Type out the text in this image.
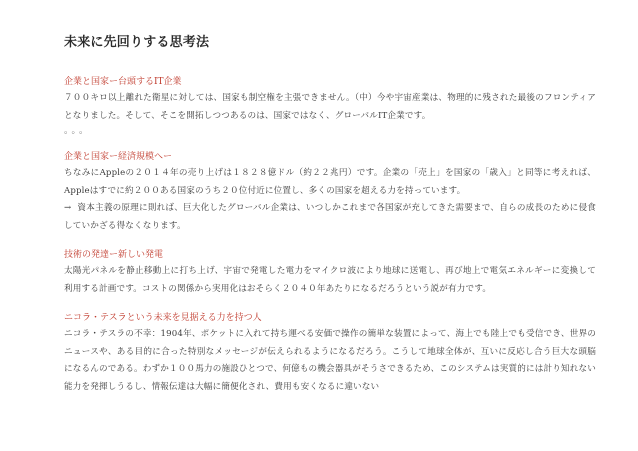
未来に先回りする思考法

企業と国家ー台頭するIT企業

７００キロ以上離れた衛星に対しては、国家も制空権を主張できません。（中）今や宇宙産業は、物理的に残された最後のフロンティアとなりました。そして、そこを開拓しつつあるのは、国家ではなく、グローバルIT企業です。

。。。

企業と国家ー経済規模へー

ちなみにAppleの２０１４年の売り上げは１８２８億ドル（約２２兆円）です。企業の「売上」を国家の「歳入」と同等に考えれば、Appleはすでに約２００ある国家のうち２０位付近に位置し、多くの国家を超える力を持っています。

→ 資本主義の原理に則れば、巨大化したグローバル企業は、いつしかこれまで各国家が充してきた需要まで、自らの成長のために侵食していかざる得なくなります。

技術の発達ー新しい発電

太陽光パネルを静止移動上に打ち上げ、宇宙で発電した電力をマイクロ波により地球に送電し、再び地上で電気エネルギーに変換して利用する計画です。コストの関係から実用化はおそらく２０４０年あたりになるだろうという説が有力です。

ニコラ・テスラという未来を見据える力を持つ人

ニコラ・テスラの不幸：1904年、ポケットに入れて持ち運べる安価で操作の簡単な装置によって、海上でも陸上でも受信でき、世界のニュースや、ある目的に合った特別なメッセージが伝えられるようになるだろう。こうして地球全体が、互いに反応し合う巨大な頭脳になるんのである。わずか１００馬力の施設ひとつで、何億もの機会器具がそうさできるため、このシステムは実質的には計り知れない能力を発揮しうるし、情報伝達は大幅に簡便化され、費用も安くなるに違いない
